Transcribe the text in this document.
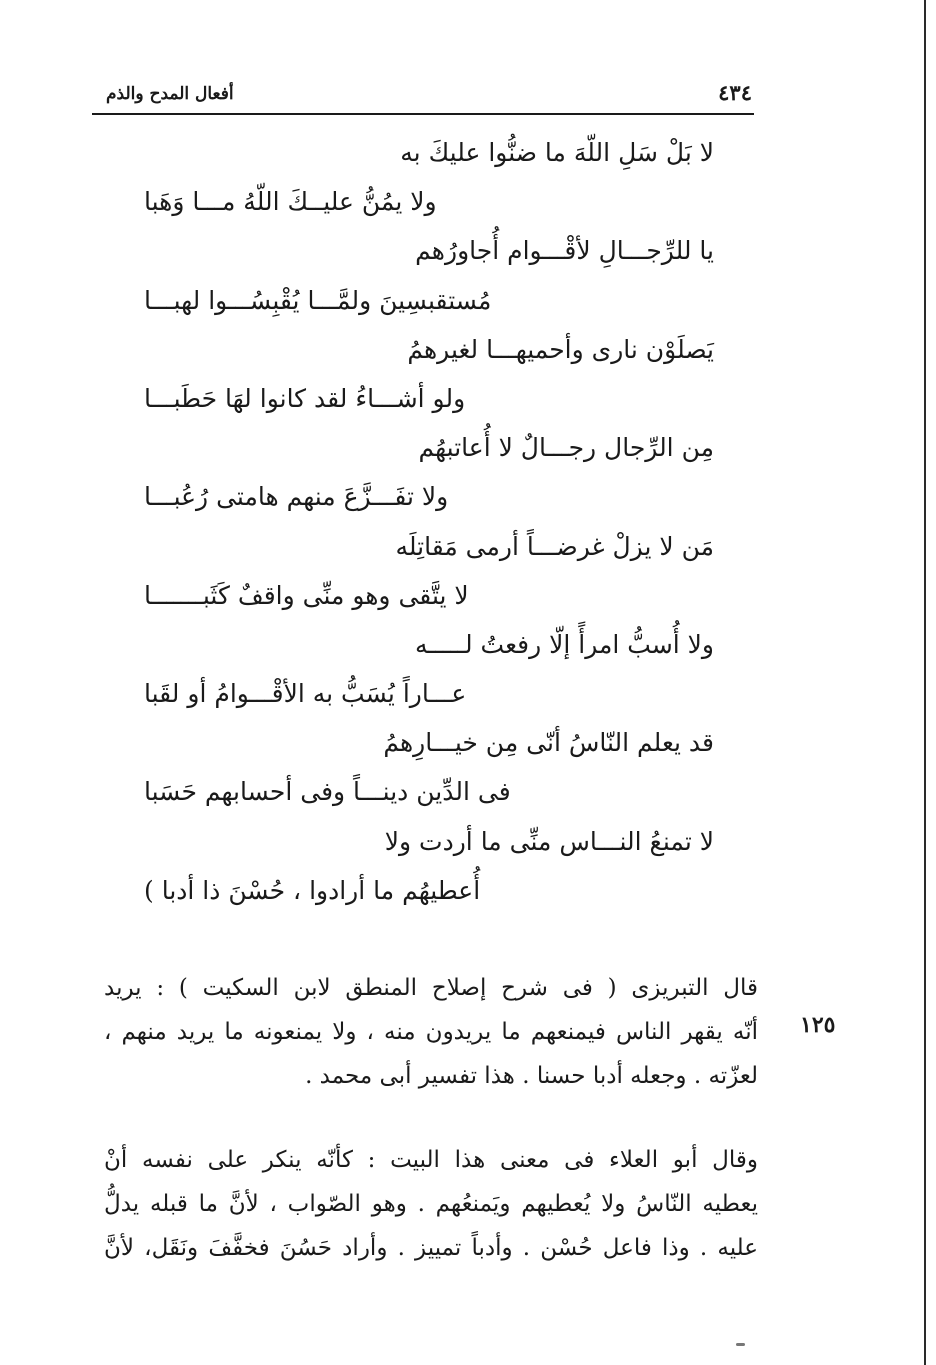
٤٣٤
أفعال المدح والذم
لا بَلْ سَلِ اللّهَ ما ضنُّوا عليكَ به
ولا يمُنُّ عليــكَ اللّهُ مـــا وَهَبا
يا للرِّجـــالِ لأقْـــوام أُجاورُهم
مُستقبسِينَ ولمَّـــا يُقْبِسُـــوا لهبـــا
يَصلَوْن نارى وأحميهـــا لغيرهمُ
ولو أشـــاءُ لقد كانوا لهَا حَطَبـــا
مِن الرِّجال رجـــالٌ لا أُعاتبهُم
ولا تفَـــزَّعَ منهم هامتى رُعُبـــا
مَن لا يزلْ غرضـــاً أرمى مَقاتِلَه
لا يتَّقى وهو منِّى واقفٌ كَثَبـــــــا
ولا أُسبُّ امرأً إلّا رفعتُ لـــــه
عـــاراً يُسَبُّ به الأقْـــوامُ أو لقَبا
قد يعلم النّاسُ أنّى مِن خيـــارِهمُ
فى الدِّين دينـــاً وفى أحسابهم حَسَبا
لا تمنعُ النـــاس منِّى ما أردت ولا
أُعطيهُم ما أرادوا ، حُسْنَ ذا أدبا )
١٢٥
قال التبريزى ( فى شرح إصلاح المنطق لابن السكيت ) : يريد
أنّه يقهر الناس فيمنعهم ما يريدون منه ، ولا يمنعونه ما يريد منهم ،
لعزّته . وجعله أدبا حسنا . هذا تفسير أبى محمد .
وقال أبو العلاء فى معنى هذا البيت : كأنّه ينكر على نفسه أنْ
يعطيه النّاسُ ولا يُعطيهم ويَمنعُهم . وهو الصّواب ، لأنَّ ما قبله يدلُّ
عليه . وذا فاعل حُسْن . وأدباً تمييز . وأراد حَسُنَ فخفَّفَ ونَقَل، لأنَّ
